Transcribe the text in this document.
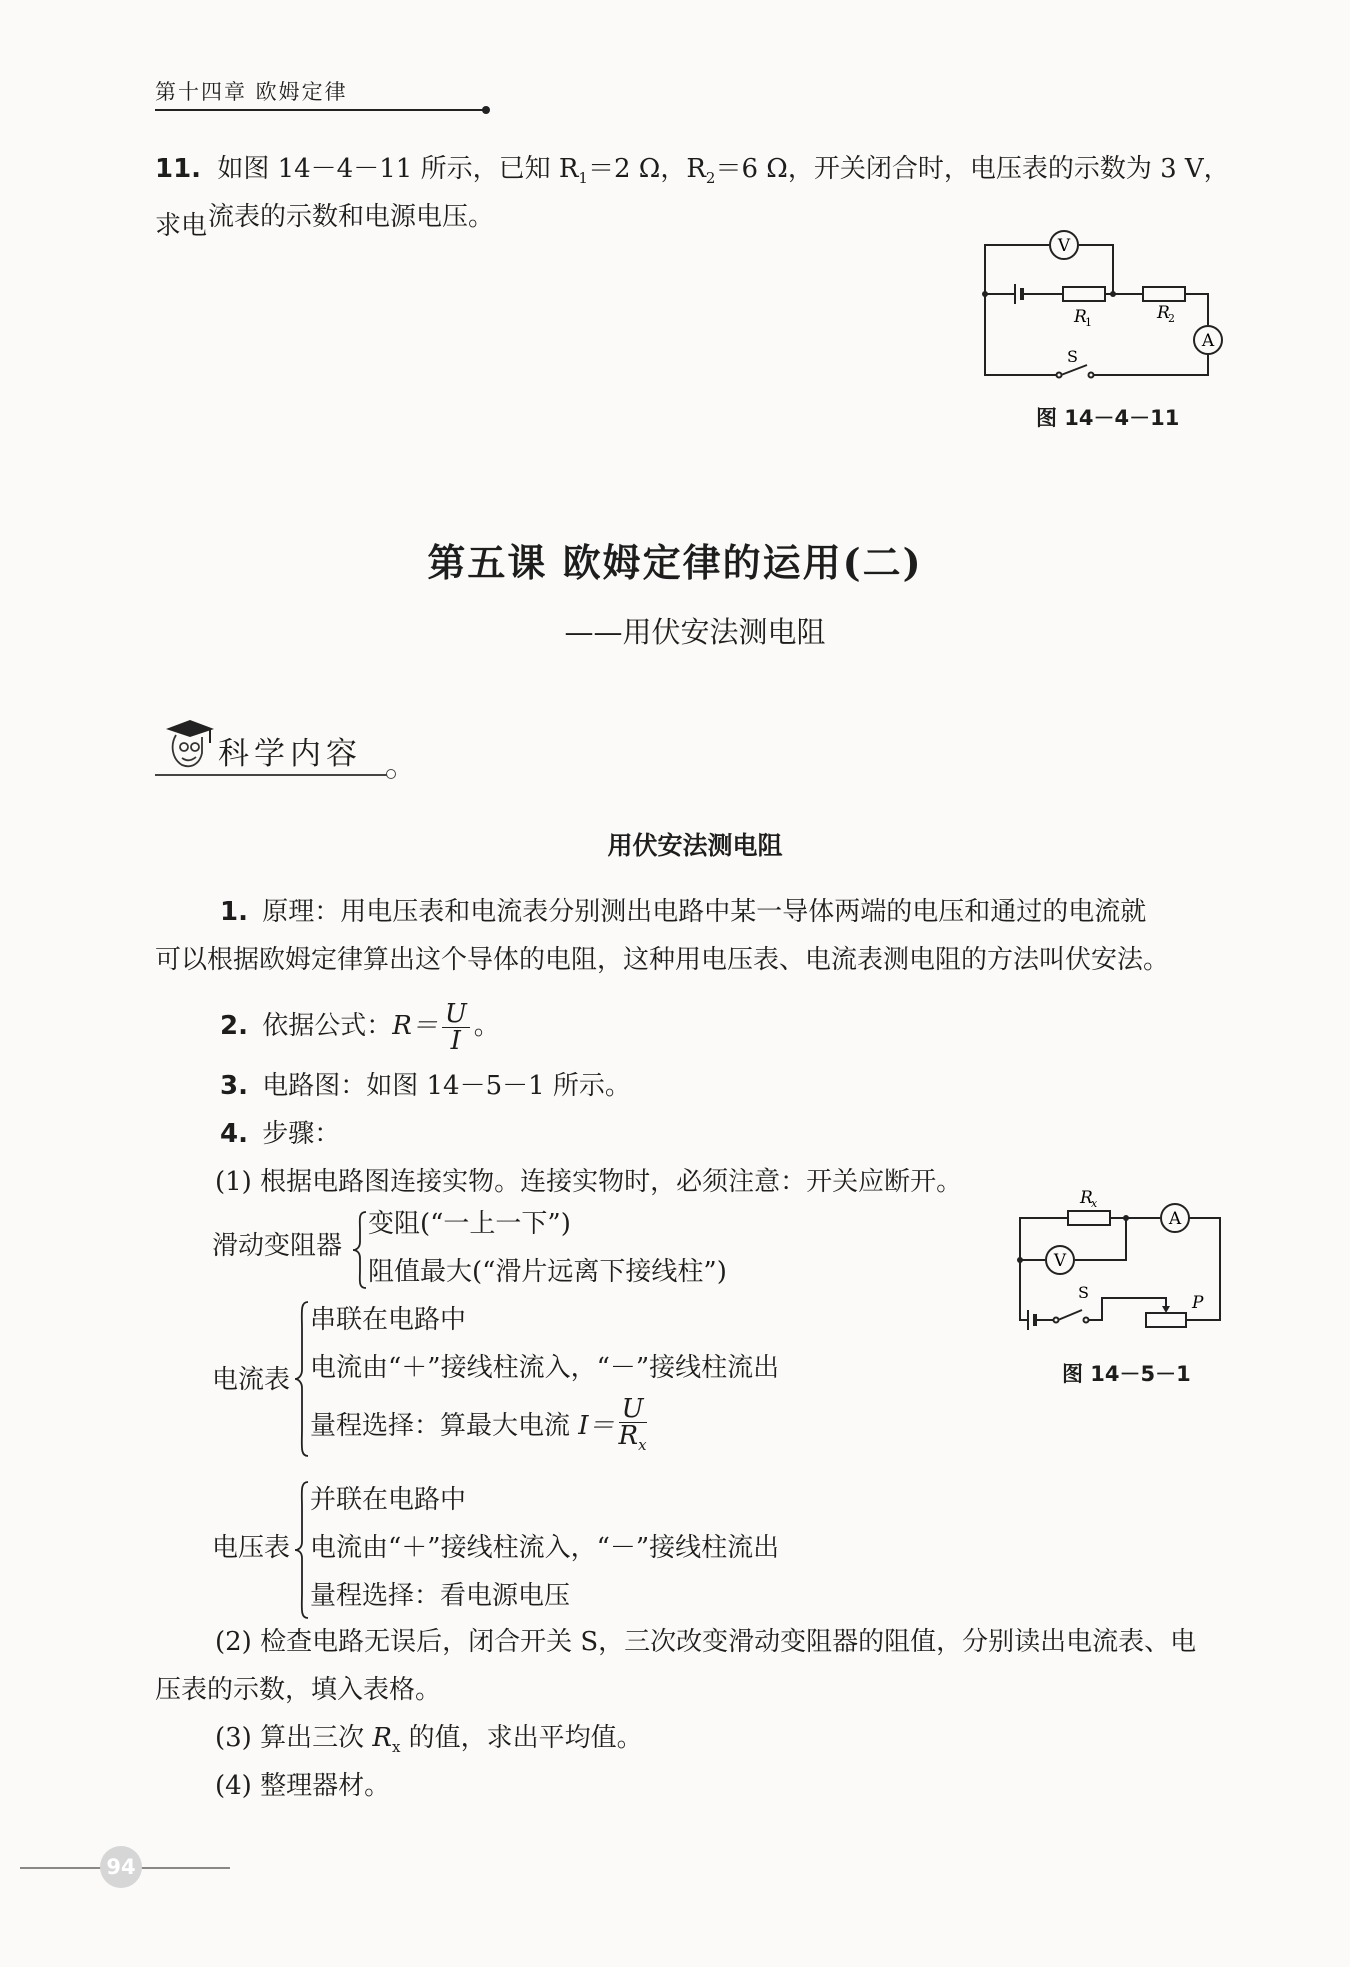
第十四章 欧姆定律
11. 如图 14－4－11 所示，已知 $R_1=2$ Ω，$R_2=6$ Ω，开关闭合时，电压表的示数为 3 V，求电 流表的示数和电源电压。
V
A
R
1	R
2
S
图 14－4－11
第五课 欧姆定律的运用(二)
——用伏安法测电阻
科学内容
用伏安法测电阻
1. 原理：用电压表和电流表分别测出电路中某一导体两端的电压和通过的电流就
可以根据欧姆定律算出这个导体的电阻，这种用电压表、电流表测电阻的方法叫伏安法。
2. 依据公式：$R= \frac{U}{I}$ 。
3. 电路图：如图 14－5－1 所示。
4. 步骤：
(1) 根据电路图连接实物。连接实物时，必须注意：开关应断开。
滑动变阻器
变阻(“一上一下”)
阻值最大(“滑片远离下接线柱”)
电流表
串联在电路中
电流由“＋”接线柱流入，“－”接线柱流出
量程选择：算最大电流 $I= \frac{U}{R_x}$
电压表
并联在电路中
电流由“＋”接线柱流入，“－”接线柱流出
量程选择：看电源电压
(2) 检查电路无误后，闭合开关 S，三次改变滑动变阻器的阻值，分别读出电流表、电
压表的示数，填入表格。
(3) 算出三次 $R_x$ 的值，求出平均值。
(4) 整理器材。
R
x
A
V
S
P
图 14－5－1
94
